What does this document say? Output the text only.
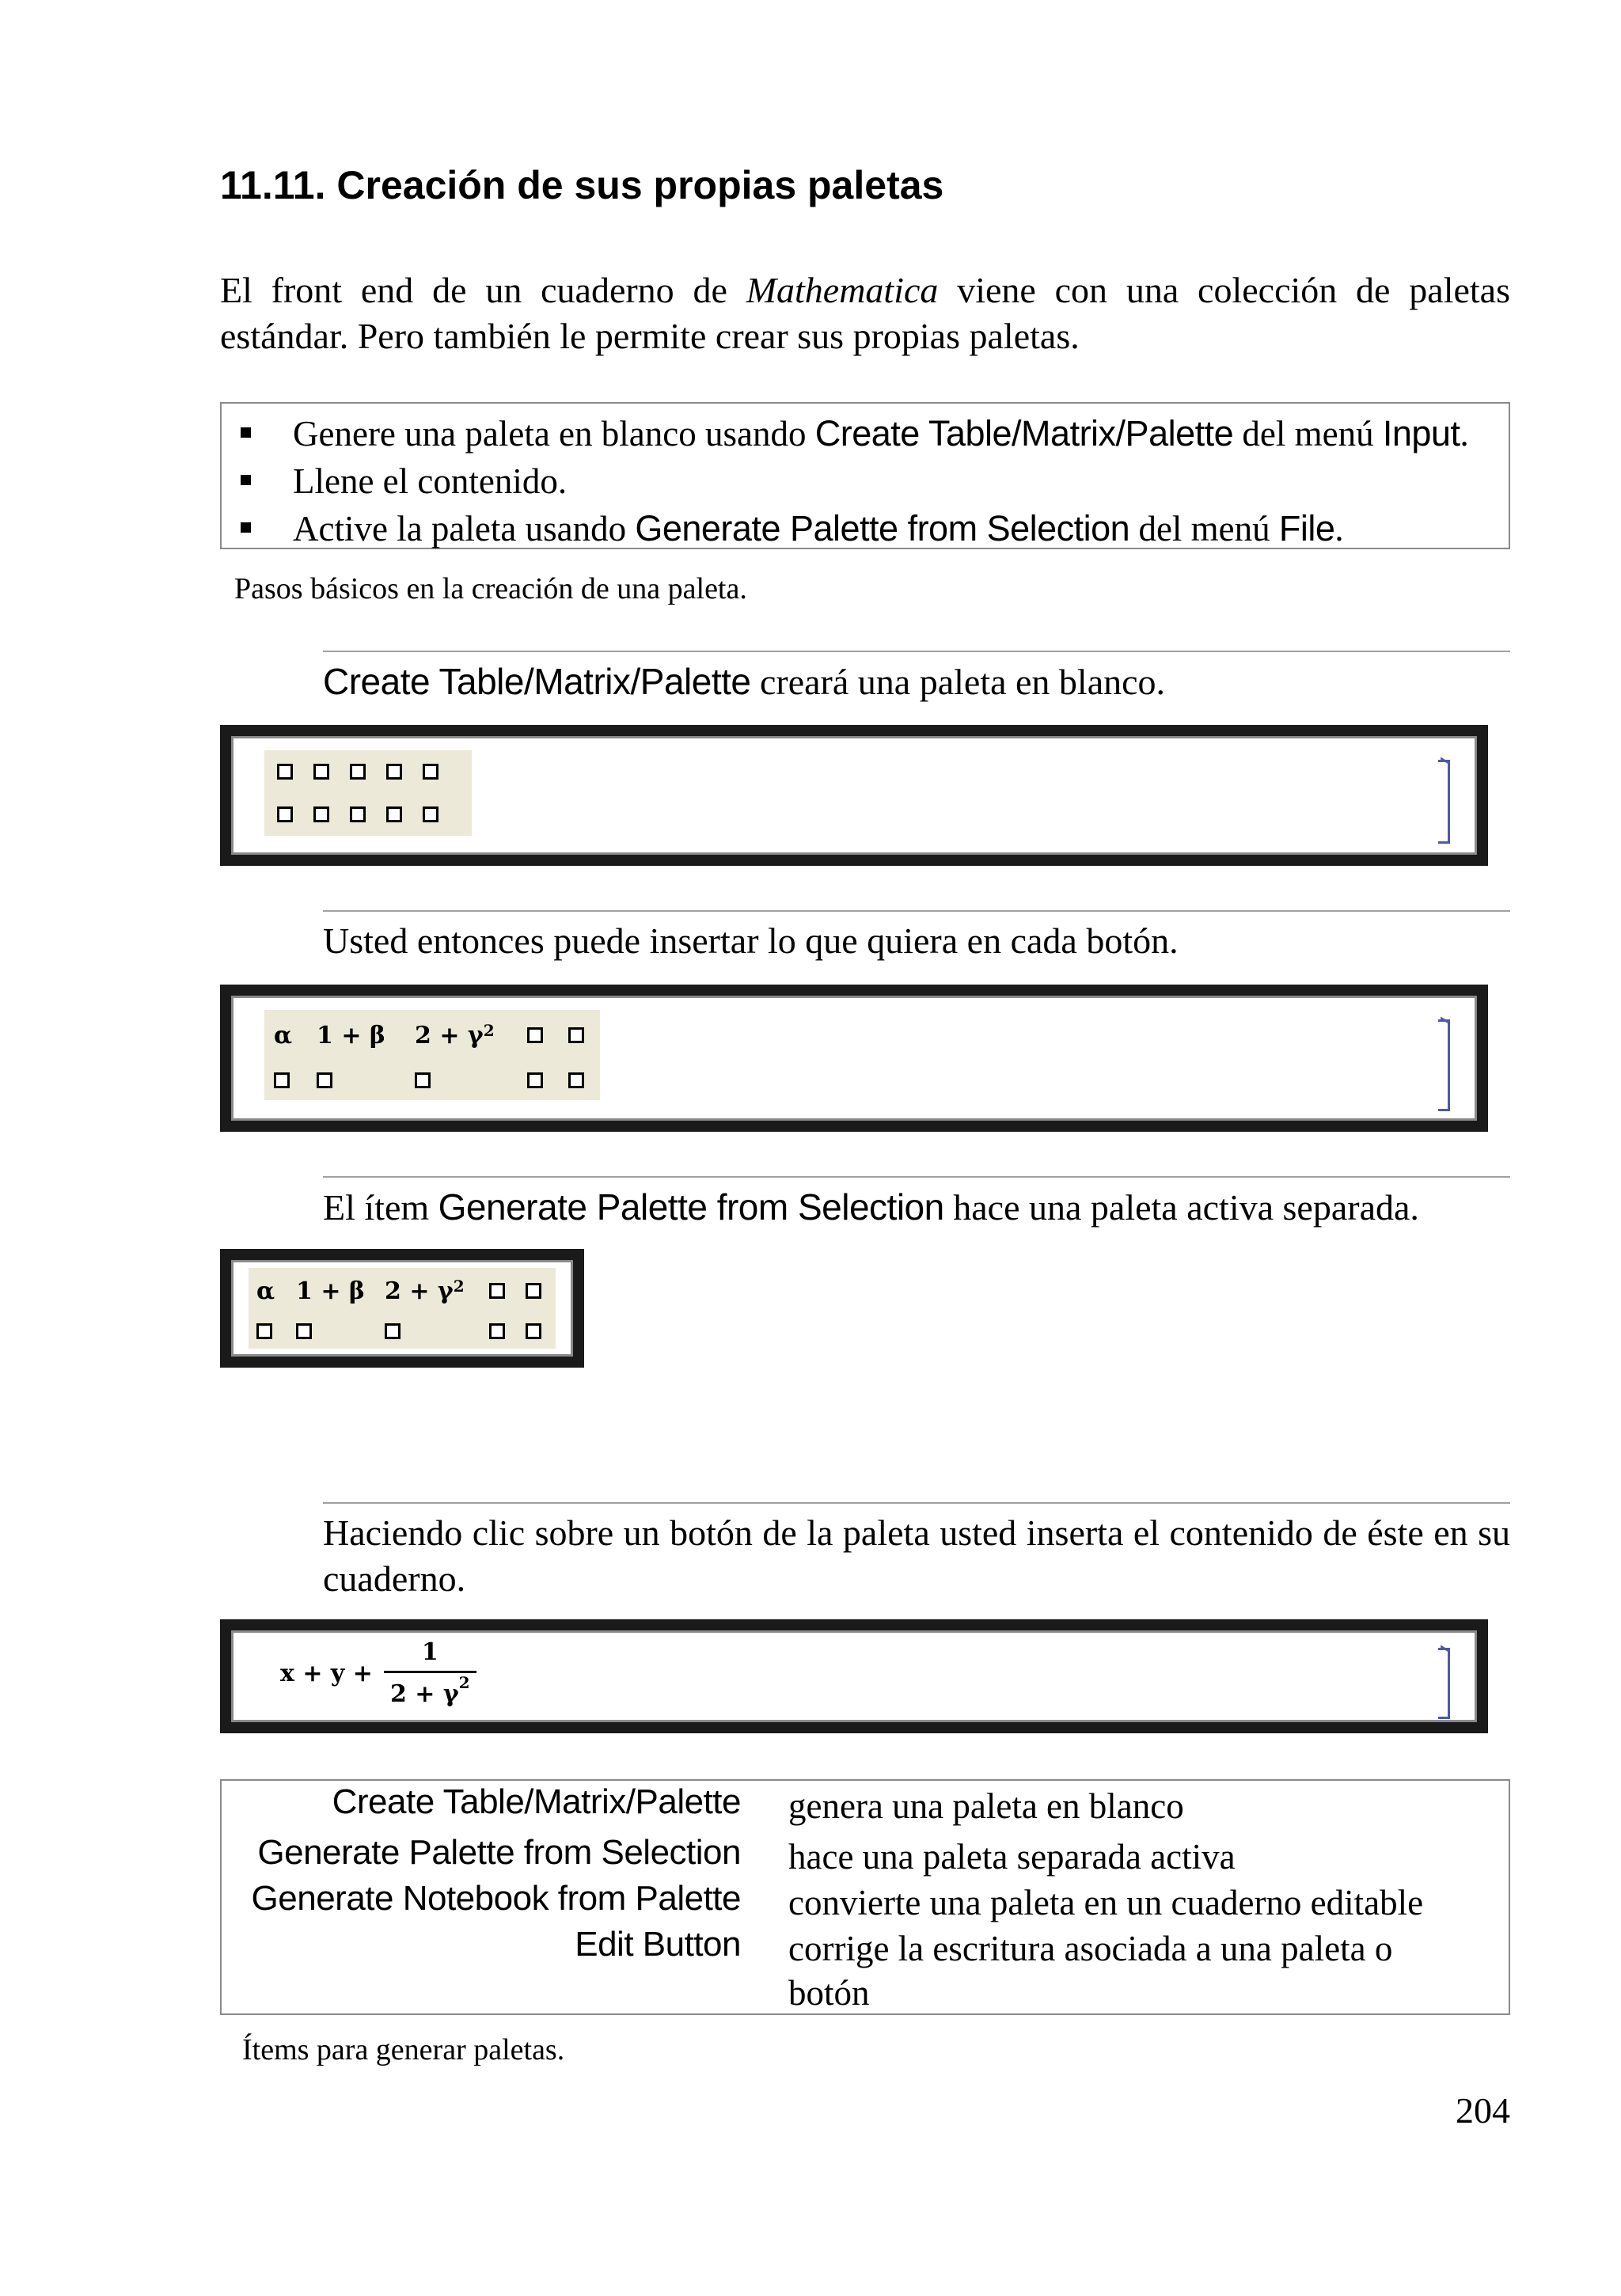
11.11. Creación de sus propias paletas

El front end de un cuaderno de Mathematica viene con una colección de paletas estándar. Pero también le permite crear sus propias paletas.

Genere una paleta en blanco usando Create Table/Matrix/Palette del menú Input.
Llene el contenido.
Active la paleta usando Generate Palette from Selection del menú File.
Pasos básicos en la creación de una paleta.

Create Table/Matrix/Palette creará una paleta en blanco.

Usted entonces puede insertar lo que quiera en cada botón.

α	1 + β	$2 + \gamma^2$

El ítem Generate Palette from Selection hace una paleta activa separada.

α 1 + β $2 + \gamma^2$

Haciendo clic sobre un botón de la paleta usted inserta el contenido de éste en su cuaderno.

$x + y + \frac{1}{2 + \gamma^2}$
Create Table/Matrix/Palette genera una paleta en blanco
Generate Palette from Selection hace una paleta separada activa
Generate Notebook from Palette convierte una paleta en un cuaderno editable
Edit Button corrige la escritura asociada a una paleta o botón
Ítems para generar paletas.
204
